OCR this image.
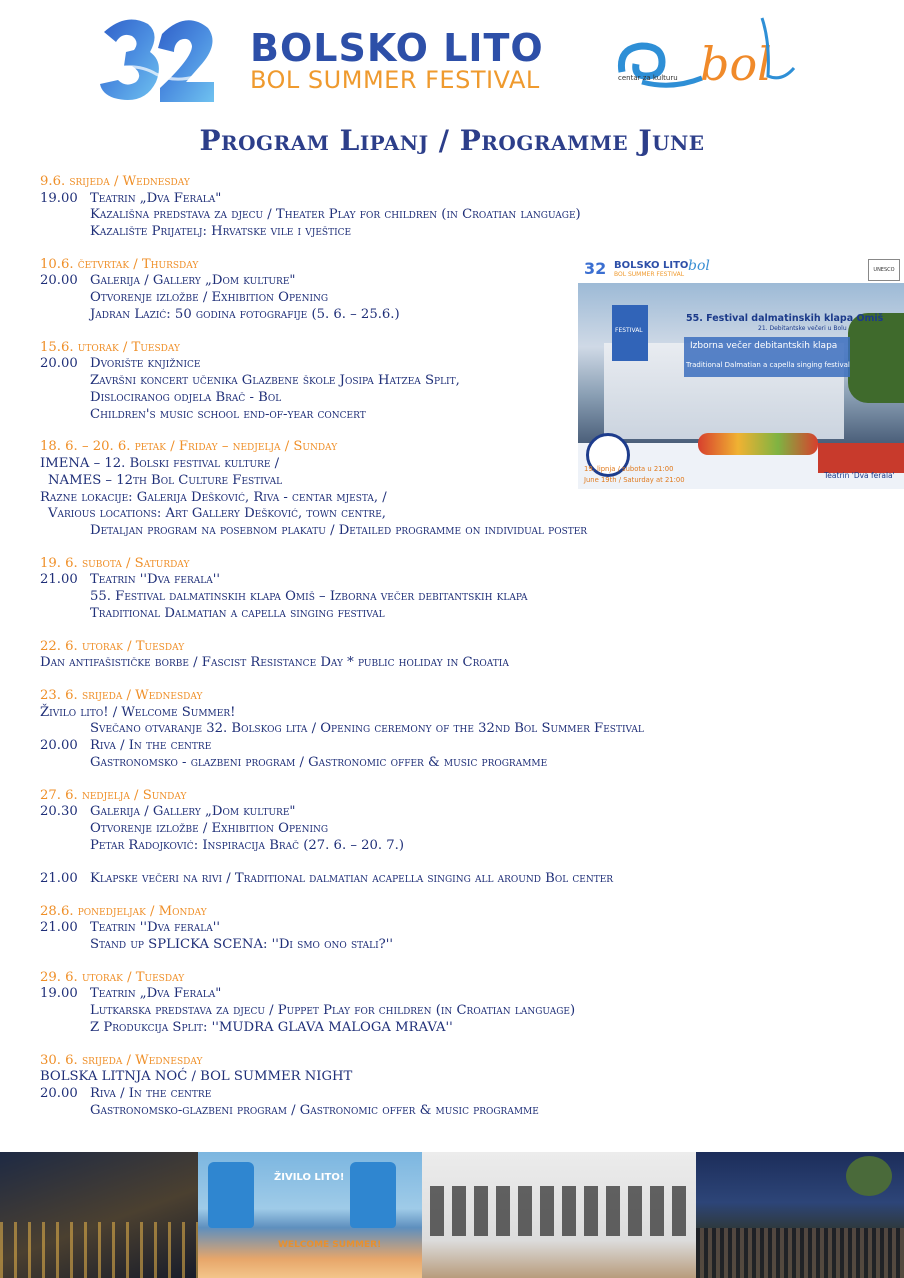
BOLSKO LITO
BOL SUMMER FESTIVAL	bol
centar za kulturu
Program Lipanj / Programme June
9.6. srijeda / Wednesday
19.00 Teatrin „Dva Ferala"
Kazališna predstava za djecu / Theater Play for children (in Croatian language)
Kazalište Prijatelj: Hrvatske vile i vještice
10.6. četvrtak / Thursday
20.00 Galerija / Gallery „Dom kulture"
Otvorenje izložbe / Exhibition Opening
Jadran Lazić: 50 godina fotografije (5. 6. – 25.6.)
15.6. utorak / Tuesday
20.00 Dvorište knjižnice
Završni koncert učenika Glazbene škole Josipa Hatzea Split,
Dislociranog odjela Brač - Bol
Children's music school end-of-year concert
18. 6. – 20. 6. petak / Friday – nedjelja / Sunday
IMENA – 12. Bolski festival kulture /
NAMES – 12th Bol Culture Festival
Razne lokacije: Galerija Dešković, Riva - centar mjesta, /
Various locations: Art Gallery Dešković, town centre,
Detaljan program na posebnom plakatu / Detailed programme on individual poster
19. 6. subota / Saturday
21.00 Teatrin ''Dva ferala''
55. Festival dalmatinskih klapa Omiš – Izborna večer debitantskih klapa
Traditional Dalmatian a capella singing festival
22. 6. utorak / Tuesday
Dan antifašističke borbe / Fascist Resistance Day * public holiday in Croatia
23. 6. srijeda / Wednesday
Živilo lito! / Welcome Summer!
Svečano otvaranje 32. Bolskog lita / Opening ceremony of the 32nd Bol Summer Festival
20.00 Riva / In the centre
Gastronomsko - glazbeni program / Gastronomic offer & music programme
27. 6. nedjelja / Sunday
20.30 Galerija / Gallery „Dom kulture"
Otvorenje izložbe / Exhibition Opening
Petar Radojković: Inspiracija Brač (27. 6. – 20. 7.)
21.00 Klapske večeri na rivi / Traditional dalmatian acapella singing all around Bol center
28.6. ponedjeljak / Monday
21.00 Teatrin ''Dva ferala''
Stand up SPLICKA SCENA: ''Di smo ono stali?''
29. 6. utorak / Tuesday
19.00 Teatrin „Dva Ferala"
Lutkarska predstava za djecu / Puppet Play for children (in Croatian language)
Z Produkcija Split: ''MUDRA GLAVA MALOGA MRAVA''
30. 6. srijeda / Wednesday
BOLSKA LITNJA NOĆ / BOL SUMMER NIGHT
20.00 Riva / In the centre
Gastronomsko-glazbeni program / Gastronomic offer & music programme
32 BOLSKO LITO
BOL SUMMER FESTIVAL
bol	UNESCO
FESTIVAL
55. Festival dalmatinskih klapa Omiš
21. Debitantske večeri u Bolu
Izborna večer debitantskih klapa
Traditional Dalmatian a capella singing festival
19. lipnja / subota u 21:00
June 19th / Saturday at 21:00	Teatrin 'Dva ferala'
ŽIVILO LITO!
WELCOME SUMMER!
